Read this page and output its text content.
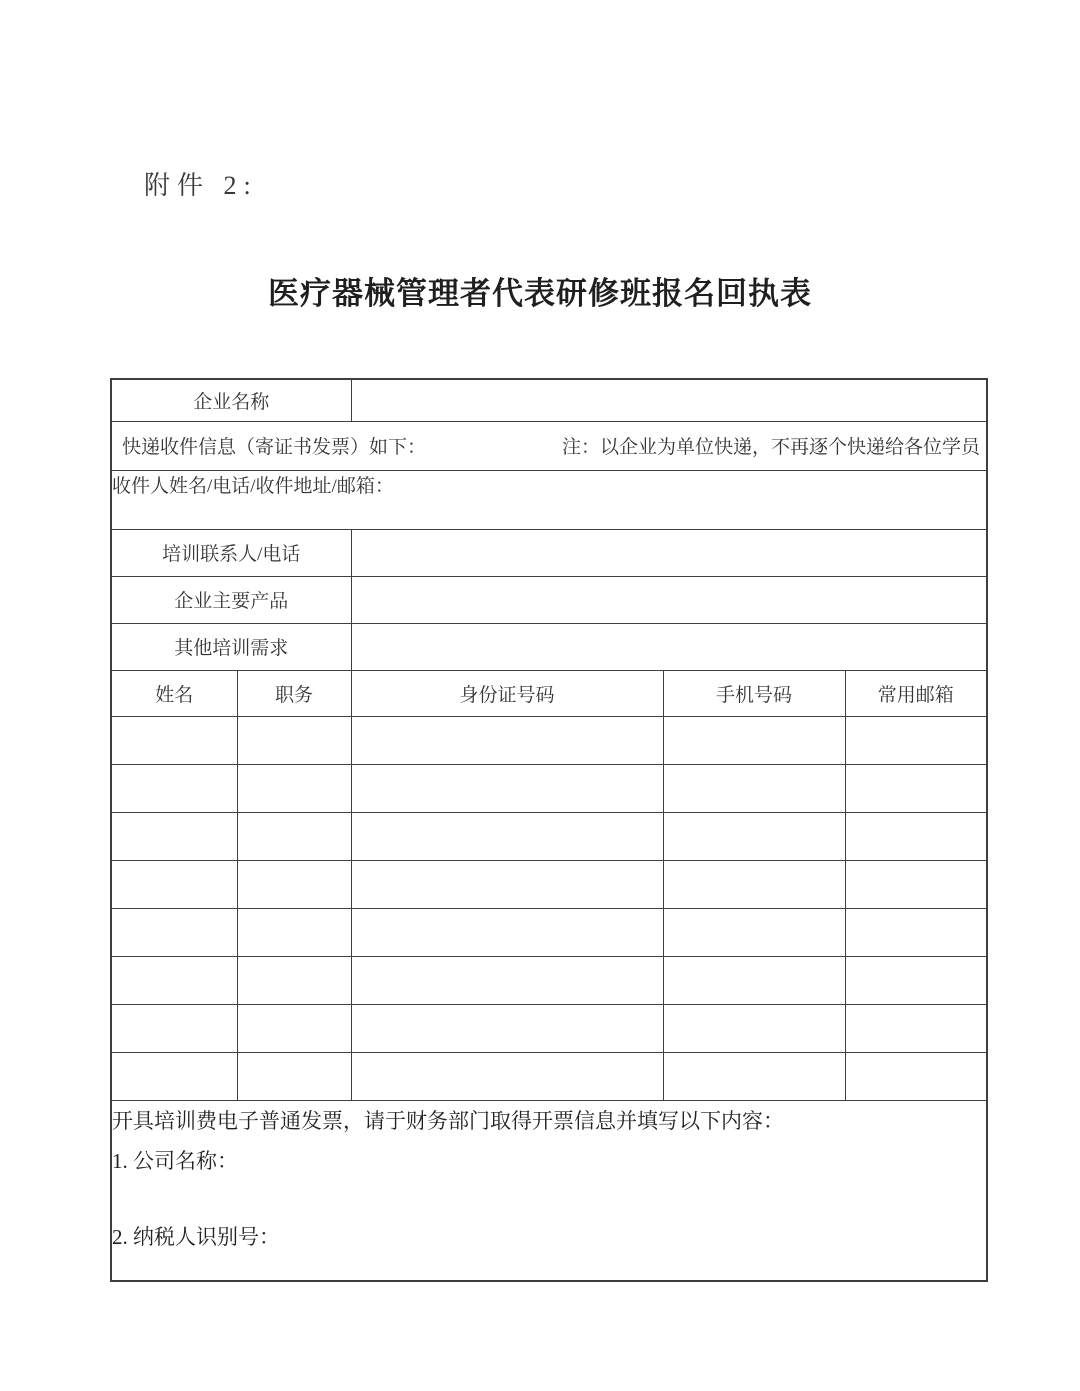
附件 2:
医疗器械管理者代表研修班报名回执表
企业名称				

快递收件信息（寄证书发票）如下： 注：以企业为单位快递，不再逐个快递给各位学员				

收件人姓名/电话/收件地址/邮箱：				
培训联系人/电话				
企业主要产品				
其他培训需求				
姓名	职务	身份证号码	手机号码	常用邮箱

开具培训费电子普通发票，请于财务部门取得开票信息并填写以下内容：
1. 公司名称：
2. 纳税人识别号：				
